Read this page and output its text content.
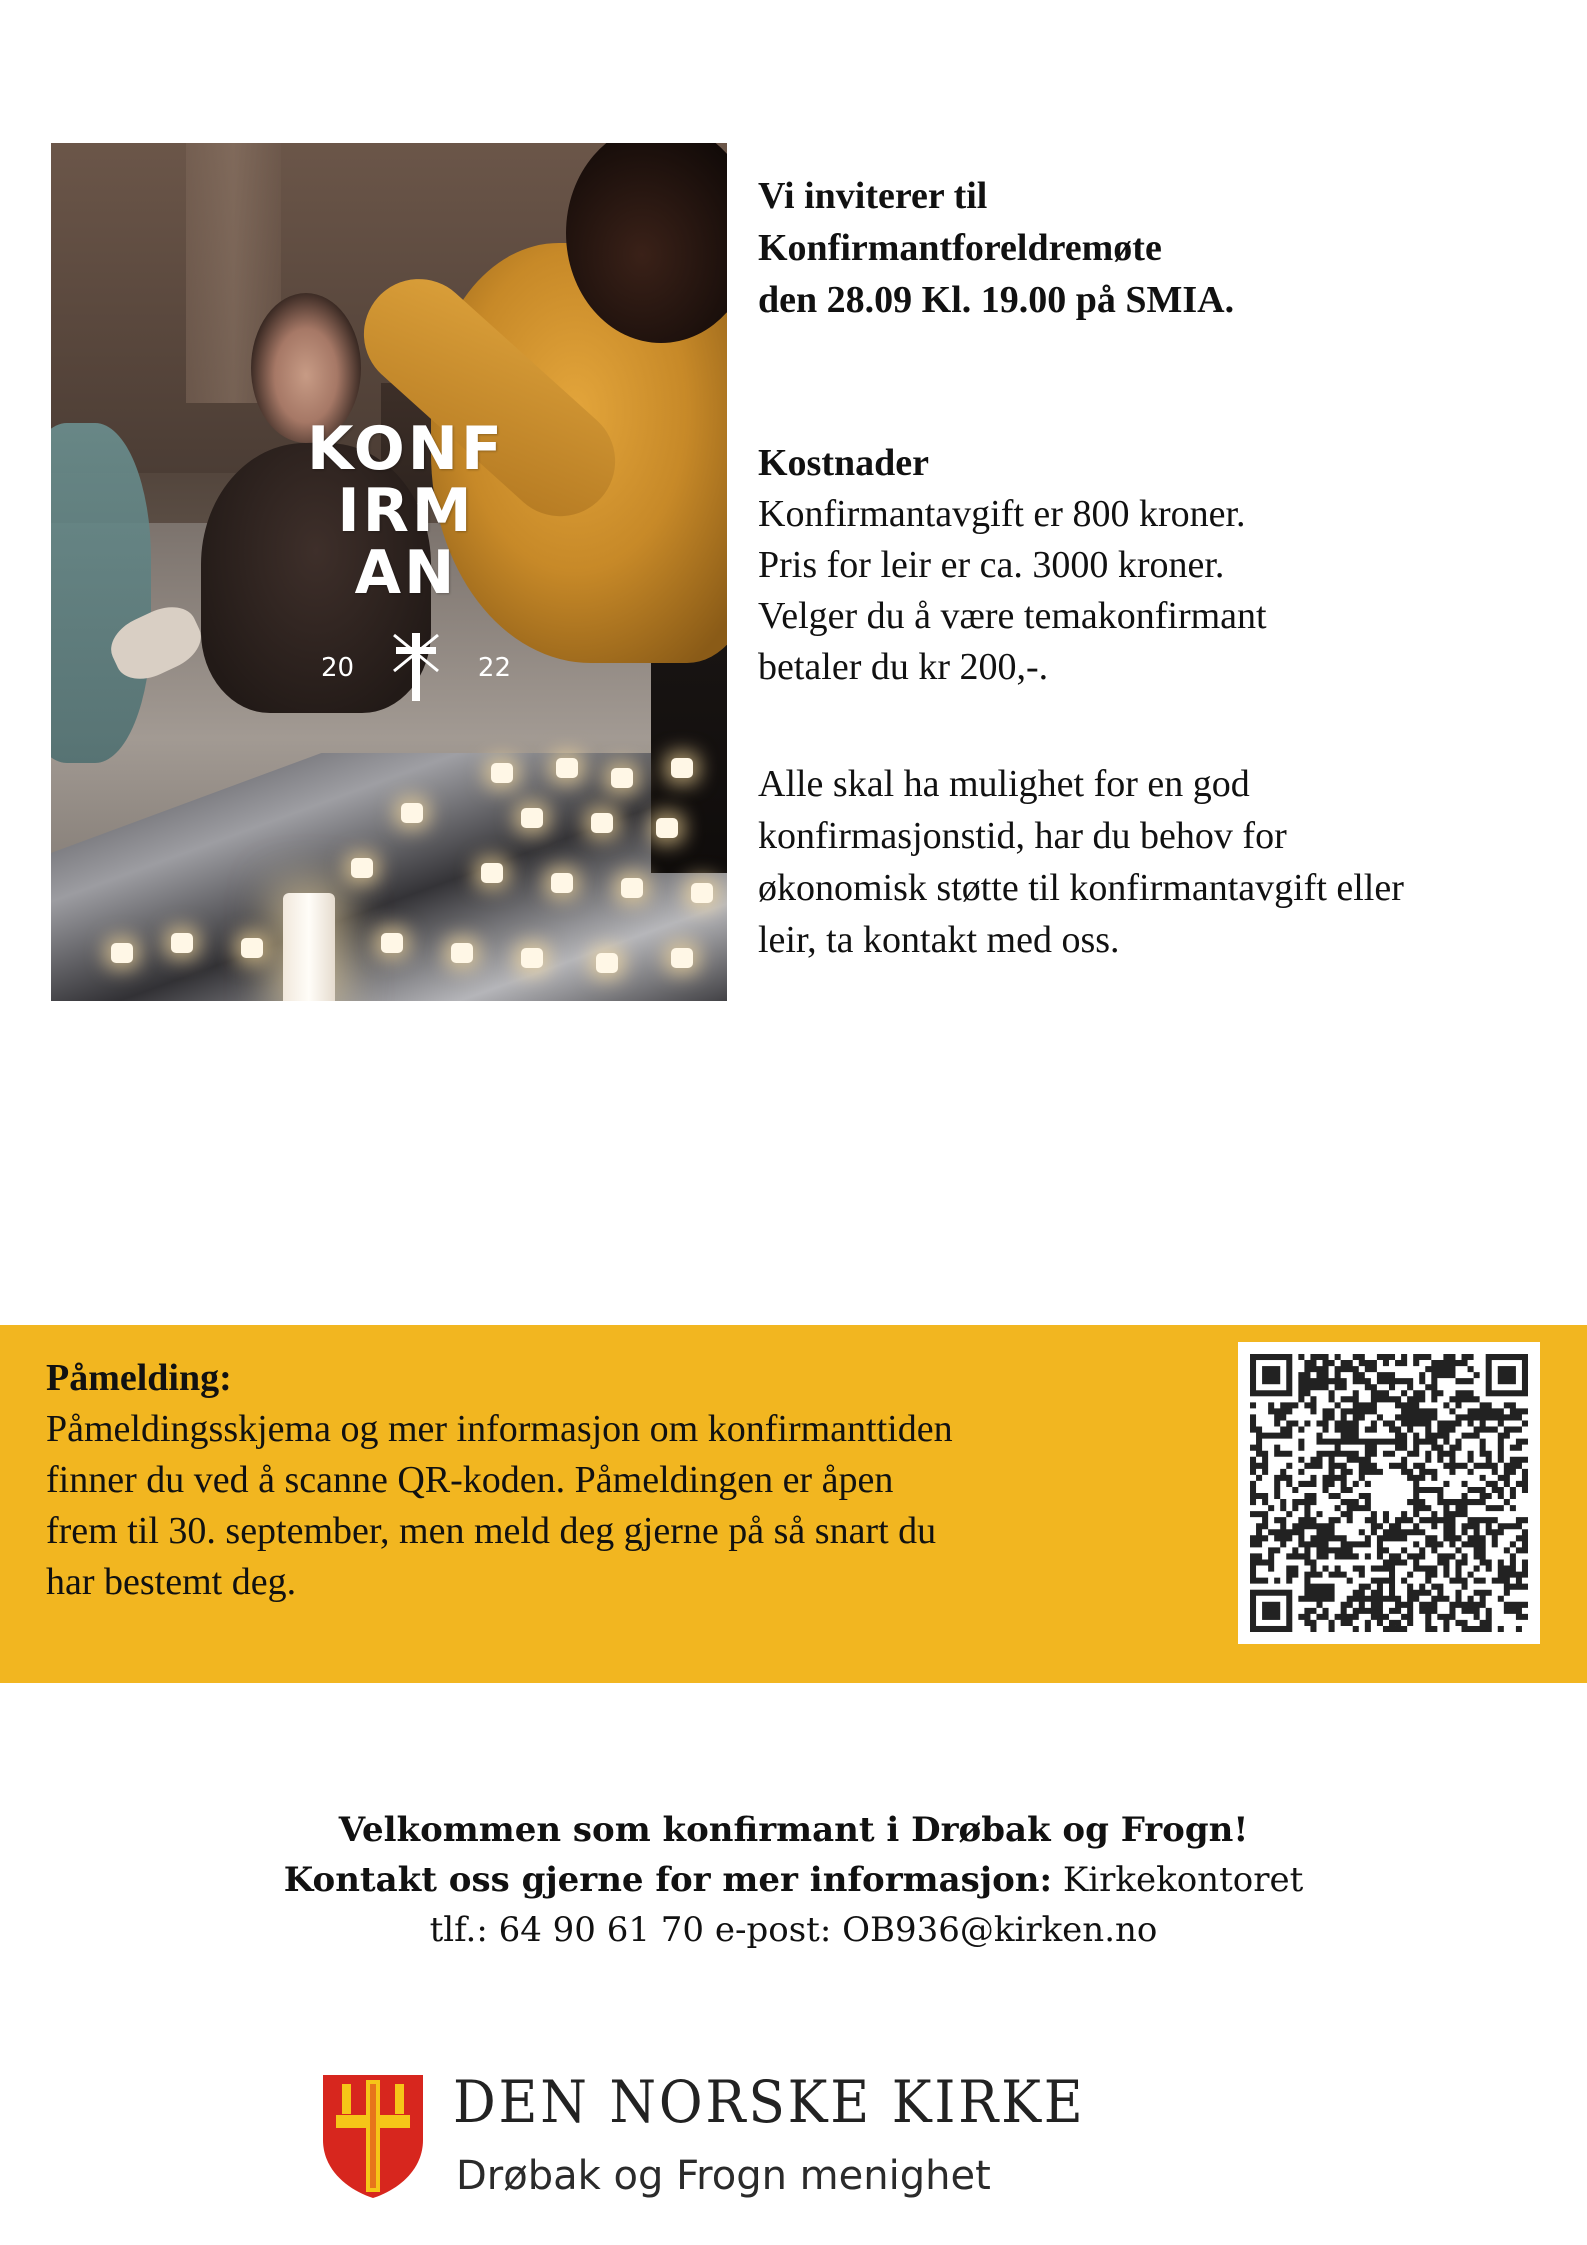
KONF
IRM
AN
20	22
Vi inviterer til
Konfirmantforeldremøte
den 28.09 Kl. 19.00 på SMIA.
Kostnader
Konfirmantavgift er 800 kroner.
Pris for leir er ca. 3000 kroner.
Velger du å være temakonfirmant
betaler du kr 200,-.
Alle skal ha mulighet for en god
konfirmasjonstid, har du behov for
økonomisk støtte til konfirmantavgift eller
leir, ta kontakt med oss.
Påmelding:
Påmeldingsskjema og mer informasjon om konfirmanttiden
finner du ved å scanne QR-koden. Påmeldingen er åpen
frem til 30. september, men meld deg gjerne på så snart du
har bestemt deg.
Velkommen som konfirmant i Drøbak og Frogn!
Kontakt oss gjerne for mer informasjon: Kirkekontoret
tlf.: 64 90 61 70 e-post: OB936@kirken.no
DEN NORSKE KIRKE
Drøbak og Frogn menighet
